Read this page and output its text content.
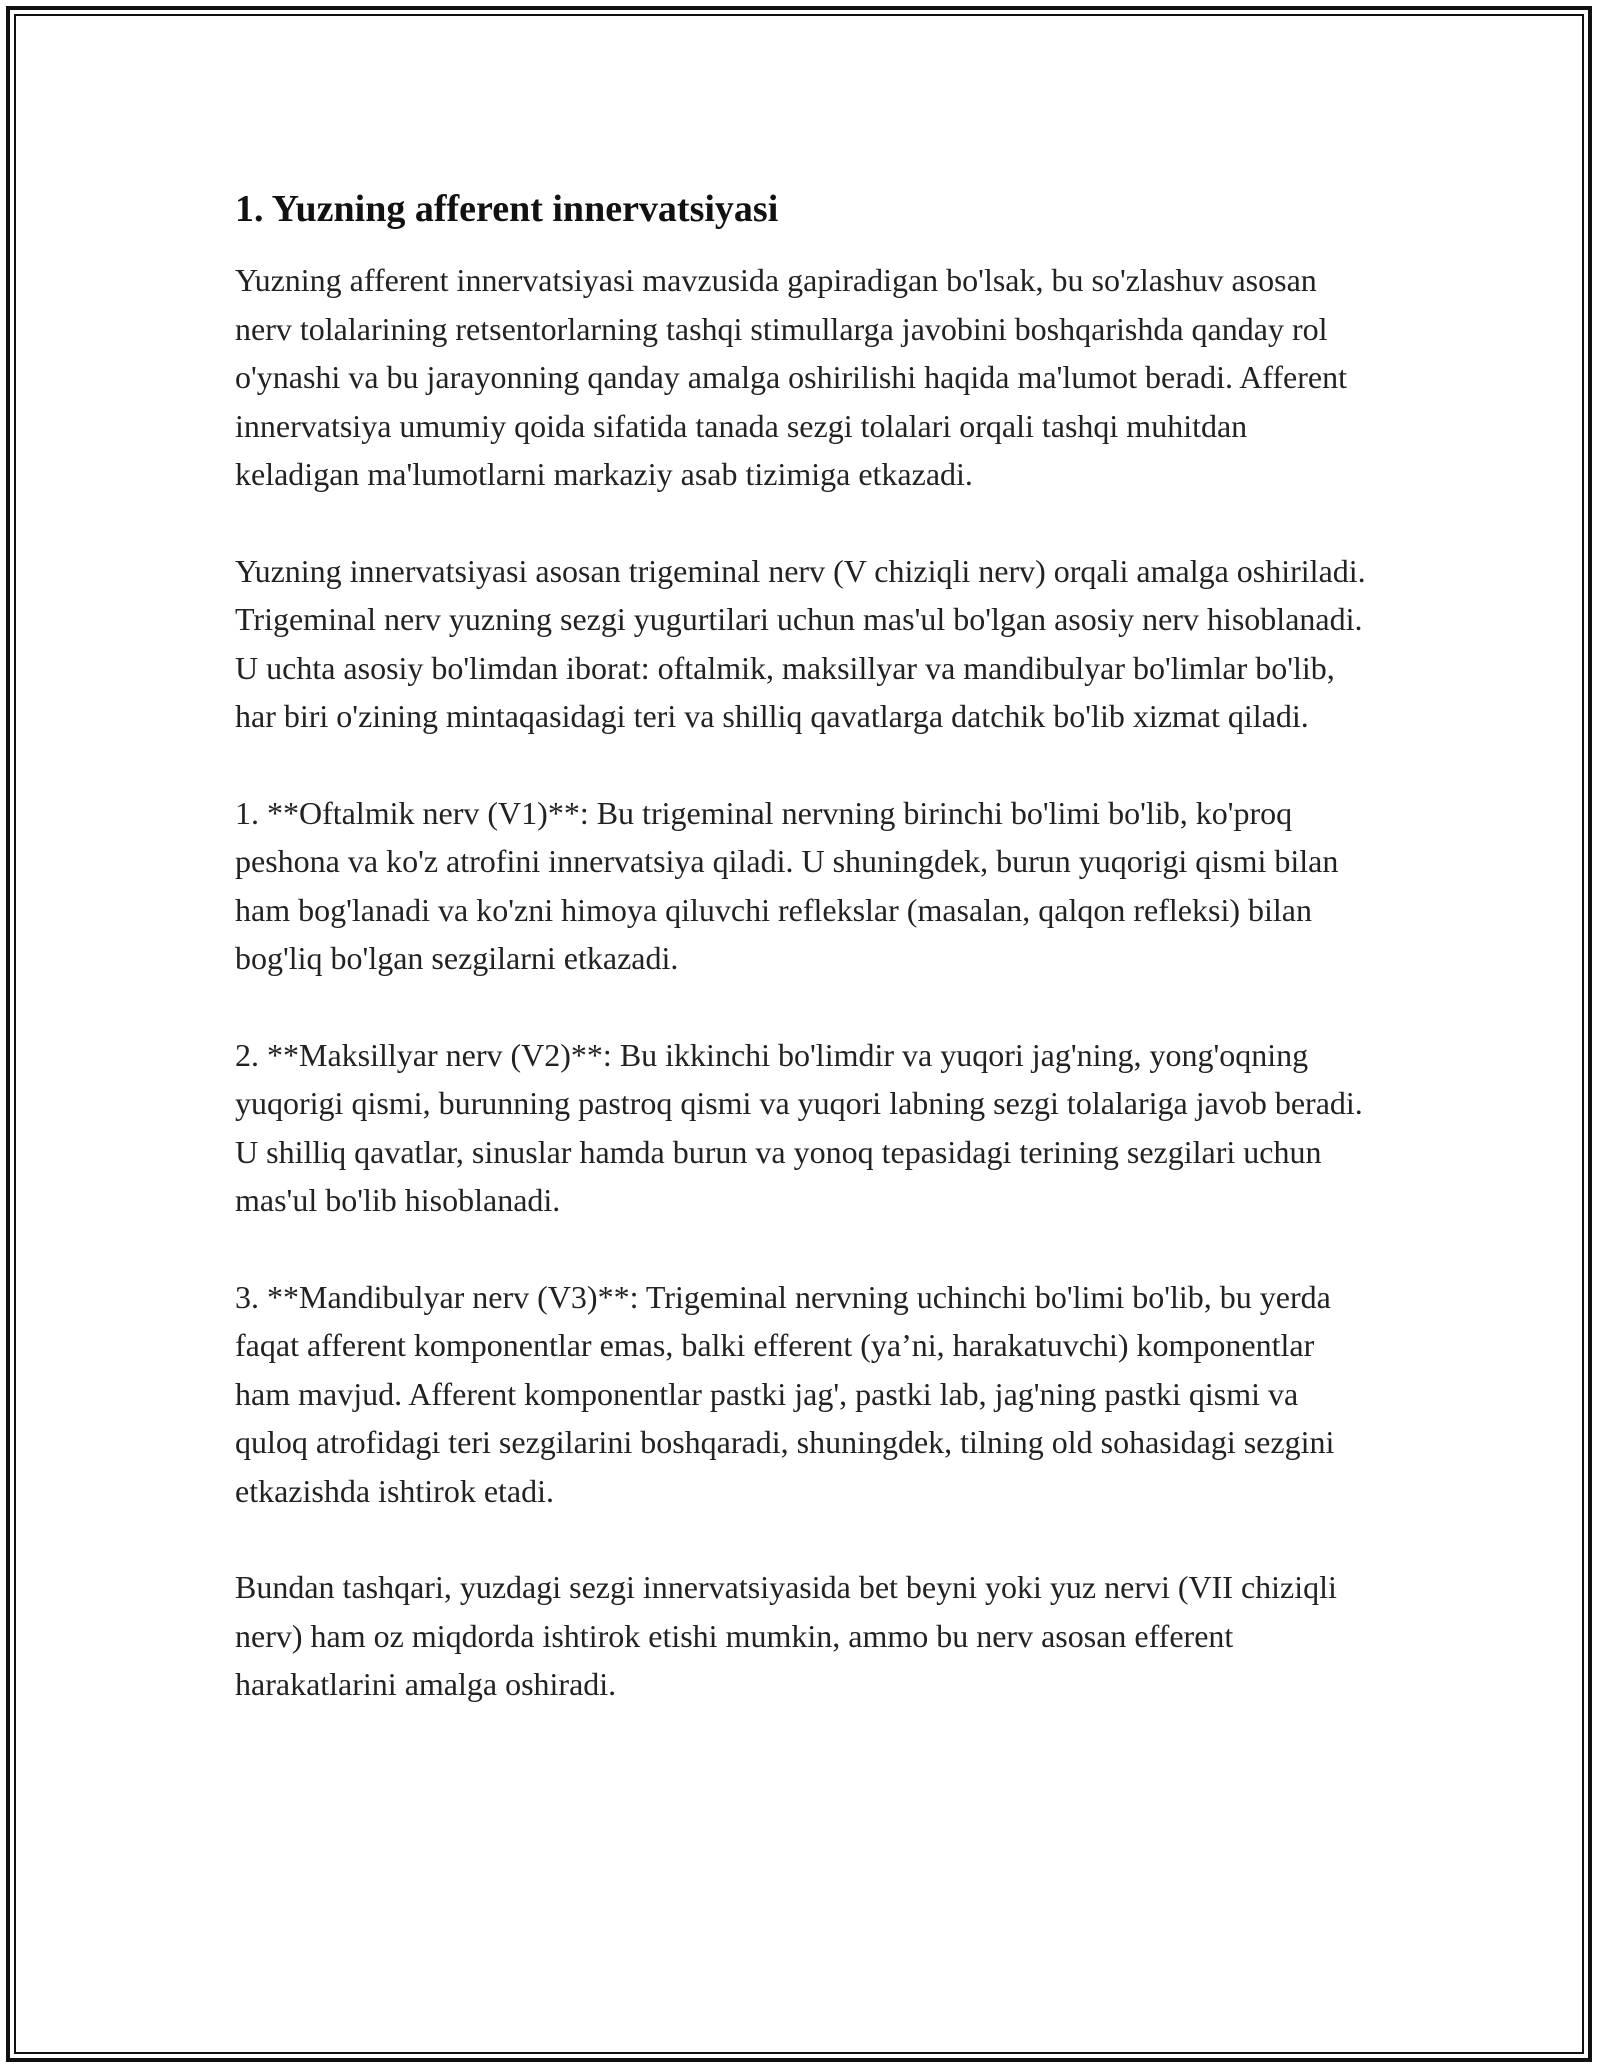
1. Yuzning afferent innervatsiyasi

Yuzning afferent innervatsiyasi mavzusida gapiradigan bo'lsak, bu so'zlashuv asosan nerv tolalarining retsentorlarning tashqi stimullarga javobini boshqarishda qanday rol o'ynashi va bu jarayonning qanday amalga oshirilishi haqida ma'lumot beradi. Afferent innervatsiya umumiy qoida sifatida tanada sezgi tolalari orqali tashqi muhitdan keladigan ma'lumotlarni markaziy asab tizimiga etkazadi.

Yuzning innervatsiyasi asosan trigeminal nerv (V chiziqli nerv) orqali amalga oshiriladi. Trigeminal nerv yuzning sezgi yugurtilari uchun mas'ul bo'lgan asosiy nerv hisoblanadi. U uchta asosiy bo'limdan iborat: oftalmik, maksillyar va mandibulyar bo'limlar bo'lib, har biri o'zining mintaqasidagi teri va shilliq qavatlarga datchik bo'lib xizmat qiladi.

1. **Oftalmik nerv (V1)**: Bu trigeminal nervning birinchi bo'limi bo'lib, ko'proq peshona va ko'z atrofini innervatsiya qiladi. U shuningdek, burun yuqorigi qismi bilan ham bog'lanadi va ko'zni himoya qiluvchi reflekslar (masalan, qalqon refleksi) bilan bog'liq bo'lgan sezgilarni etkazadi.

2. **Maksillyar nerv (V2)**: Bu ikkinchi bo'limdir va yuqori jag'ning, yong'oqning yuqorigi qismi, burunning pastroq qismi va yuqori labning sezgi tolalariga javob beradi. U shilliq qavatlar, sinuslar hamda burun va yonoq tepasidagi terining sezgilari uchun mas'ul bo'lib hisoblanadi.

3. **Mandibulyar nerv (V3)**: Trigeminal nervning uchinchi bo'limi bo'lib, bu yerda faqat afferent komponentlar emas, balki efferent (ya’ni, harakatuvchi) komponentlar ham mavjud. Afferent komponentlar pastki jag', pastki lab, jag'ning pastki qismi va quloq atrofidagi teri sezgilarini boshqaradi, shuningdek, tilning old sohasidagi sezgini etkazishda ishtirok etadi.

Bundan tashqari, yuzdagi sezgi innervatsiyasida bet beyni yoki yuz nervi (VII chiziqli nerv) ham oz miqdorda ishtirok etishi mumkin, ammo bu nerv asosan efferent harakatlarini amalga oshiradi.
